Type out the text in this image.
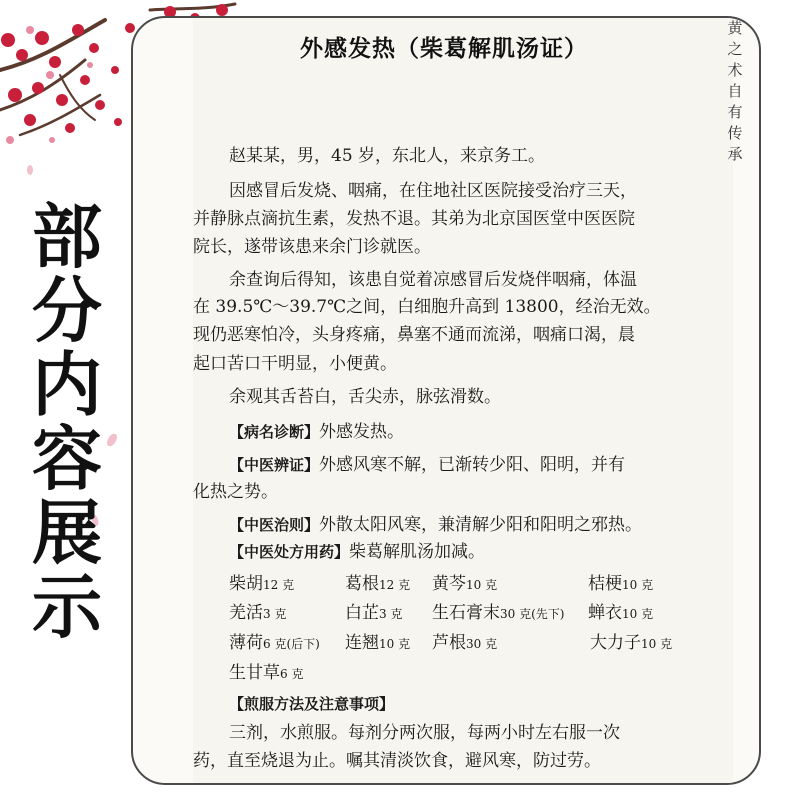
部
分
内
容
展
示
黄
之
术
自
有
传
承
外感发热（柴葛解肌汤证）
赵某某，男，45 岁，东北人，来京务工。
因感冒后发烧、咽痛，在住地社区医院接受治疗三天，
并静脉点滴抗生素，发热不退。其弟为北京国医堂中医医院
院长，遂带该患来余门诊就医。
余查询后得知，该患自觉着凉感冒后发烧伴咽痛，体温
在 39.5℃～39.7℃之间，白细胞升高到 13800，经治无效。
现仍恶寒怕冷，头身疼痛，鼻塞不通而流涕，咽痛口渴，晨
起口苦口干明显，小便黄。
余观其舌苔白，舌尖赤，脉弦滑数。
【病名诊断】外感发热。
【中医辨证】外感风寒不解，已渐转少阳、阳明，并有
化热之势。
【中医治则】外散太阳风寒，兼清解少阳和阳明之邪热。
【中医处方用药】柴葛解肌汤加减。
柴胡12 克	葛根12 克 黄芩10 克	桔梗10 克
羌活3 克	白芷3 克 生石膏末30 克(先下) 蝉衣10 克
薄荷6 克(后下) 连翘10 克 芦根30 克	大力子10 克
生甘草6 克
【煎服方法及注意事项】
三剂，水煎服。每剂分两次服，每两小时左右服一次
药，直至烧退为止。嘱其清淡饮食，避风寒，防过劳。
